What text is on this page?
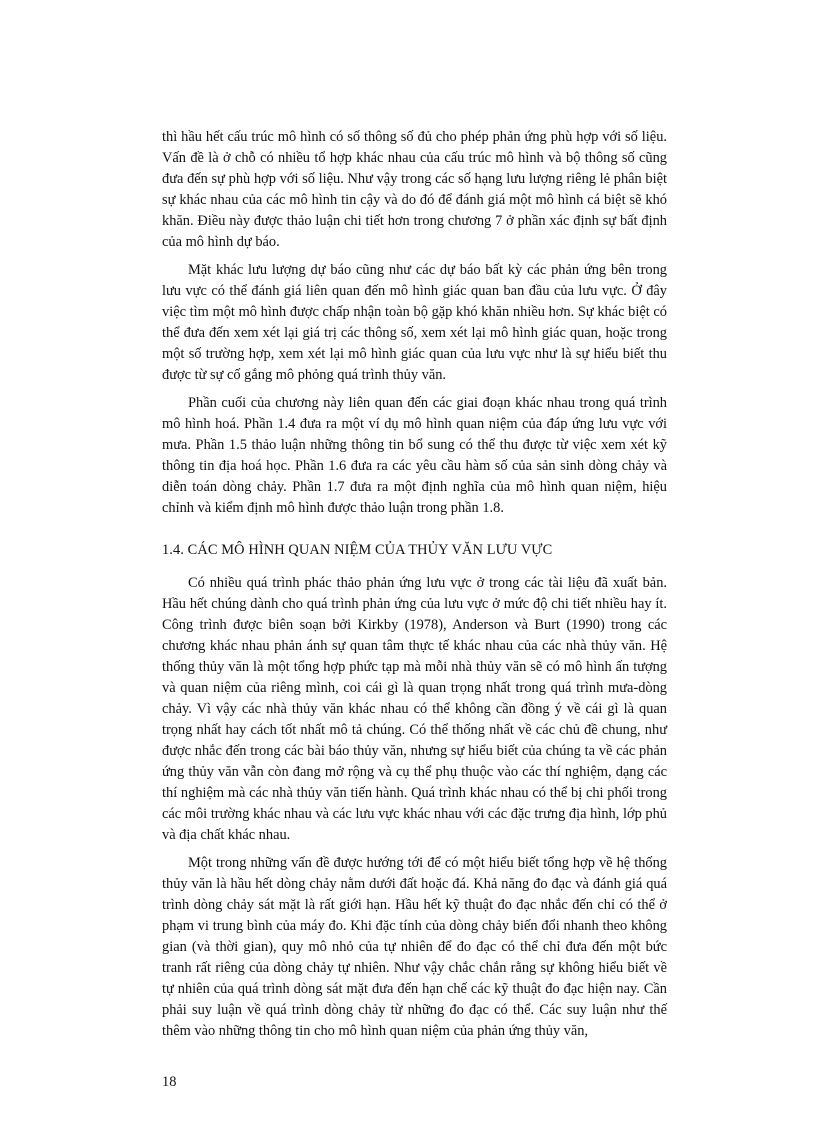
thì hầu hết cấu trúc mô hình có số thông số đủ cho phép phản ứng phù hợp với số liệu. Vấn đề là ở chỗ có nhiều tổ hợp khác nhau của cấu trúc mô hình và bộ thông số cũng đưa đến sự phù hợp với số liệu. Như vậy trong các số hạng lưu lượng riêng lẻ phân biệt sự khác nhau của các mô hình tin cậy và do đó để đánh giá một mô hình cá biệt sẽ khó khăn. Điều này được thảo luận chi tiết hơn trong chương 7 ở phần xác định sự bất định của mô hình dự báo.

Mặt khác lưu lượng dự báo cũng như các dự báo bất kỳ các phản ứng bên trong lưu vực có thể đánh giá liên quan đến mô hình giác quan ban đầu của lưu vực. Ở đây việc tìm một mô hình được chấp nhận toàn bộ gặp khó khăn nhiều hơn. Sự khác biệt có thể đưa đến xem xét lại giá trị các thông số, xem xét lại mô hình giác quan, hoặc trong một số trường hợp, xem xét lại mô hình giác quan của lưu vực như là sự hiểu biết thu được từ sự cố gắng mô phỏng quá trình thủy văn.

Phần cuối của chương này liên quan đến các giai đoạn khác nhau trong quá trình mô hình hoá. Phần 1.4 đưa ra một ví dụ mô hình quan niệm của đáp ứng lưu vực với mưa. Phần 1.5 thảo luận những thông tin bổ sung có thể thu được từ việc xem xét kỹ thông tin địa hoá học. Phần 1.6 đưa ra các yêu cầu hàm số của sản sinh dòng chảy và diễn toán dòng chảy. Phần 1.7 đưa ra một định nghĩa của mô hình quan niệm, hiệu chỉnh và kiểm định mô hình được thảo luận trong phần 1.8.

1.4. CÁC MÔ HÌNH QUAN NIỆM CỦA THỦY VĂN LƯU VỰC

Có nhiều quá trình phác thảo phản ứng lưu vực ở trong các tài liệu đã xuất bản. Hầu hết chúng dành cho quá trình phản ứng của lưu vực ở mức độ chi tiết nhiều hay ít. Công trình được biên soạn bởi Kirkby (1978), Anderson và Burt (1990) trong các chương khác nhau phản ánh sự quan tâm thực tế khác nhau của các nhà thủy văn. Hệ thống thủy văn là một tổng hợp phức tạp mà mỗi nhà thủy văn sẽ có mô hình ấn tượng và quan niệm của riêng mình, coi cái gì là quan trọng nhất trong quá trình mưa-dòng chảy. Vì vậy các nhà thủy văn khác nhau có thể không cần đồng ý về cái gì là quan trọng nhất hay cách tốt nhất mô tả chúng. Có thể thống nhất về các chủ đề chung, như được nhắc đến trong các bài báo thủy văn, nhưng sự hiểu biết của chúng ta về các phản ứng thủy văn vẫn còn đang mở rộng và cụ thể phụ thuộc vào các thí nghiệm, dạng các thí nghiệm mà các nhà thủy văn tiến hành. Quá trình khác nhau có thể bị chi phối trong các môi trường khác nhau và các lưu vực khác nhau với các đặc trưng địa hình, lớp phủ và địa chất khác nhau.

Một trong những vấn đề được hướng tới để có một hiểu biết tổng hợp về hệ thống thủy văn là hầu hết dòng chảy nằm dưới đất hoặc đá. Khả năng đo đạc và đánh giá quá trình dòng chảy sát mặt là rất giới hạn. Hầu hết kỹ thuật đo đạc nhắc đến chỉ có thể ở phạm vi trung bình của máy đo. Khi đặc tính của dòng chảy biến đổi nhanh theo không gian (và thời gian), quy mô nhỏ của tự nhiên để đo đạc có thể chỉ đưa đến một bức tranh rất riêng của dòng chảy tự nhiên. Như vậy chắc chắn rằng sự không hiểu biết về tự nhiên của quá trình dòng sát mặt đưa đến hạn chế các kỹ thuật đo đạc hiện nay. Cần phải suy luận về quá trình dòng chảy từ những đo đạc có thể. Các suy luận như thế thêm vào những thông tin cho mô hình quan niệm của phản ứng thủy văn,

18
